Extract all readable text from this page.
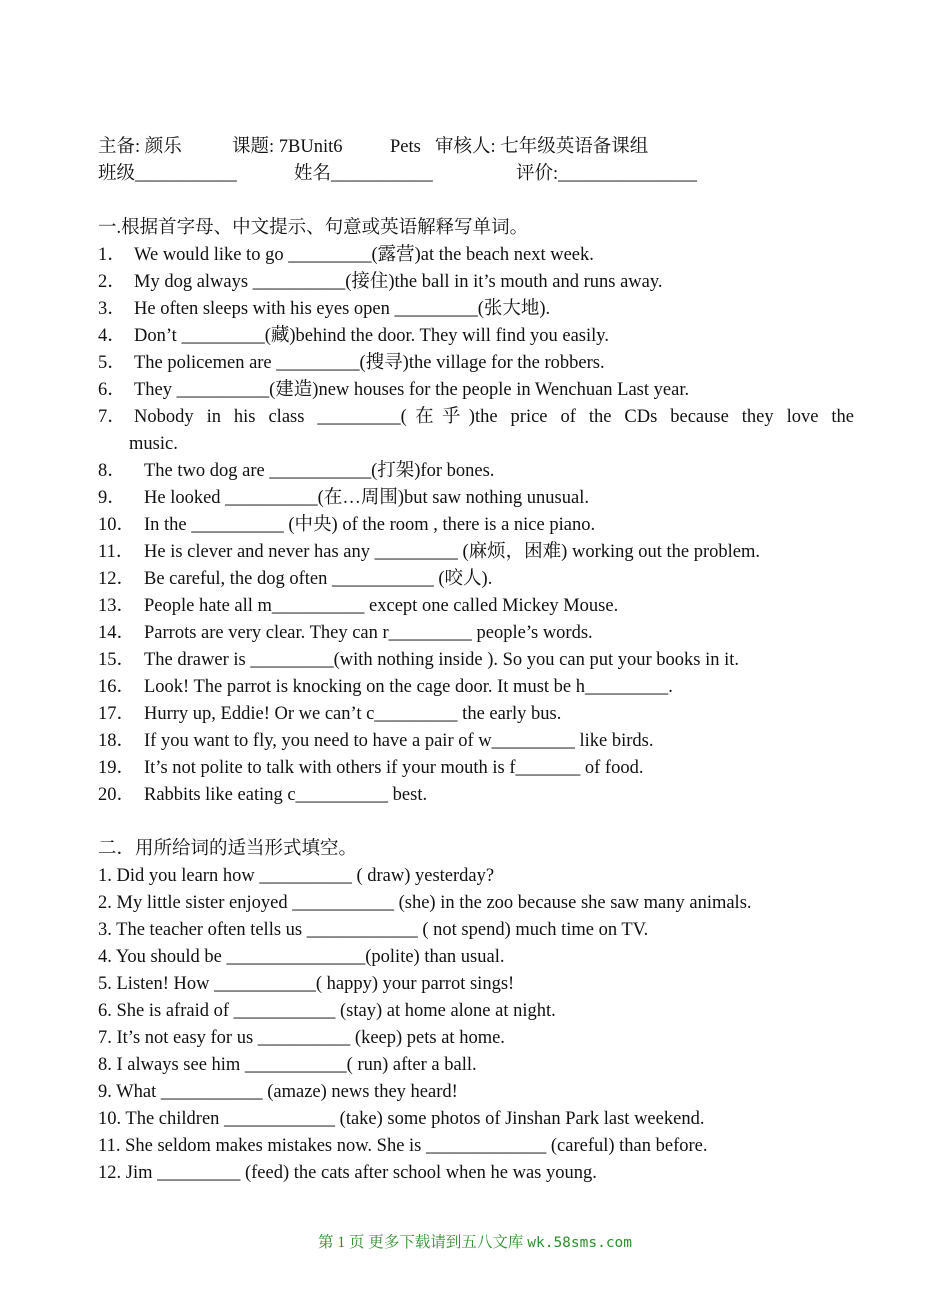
主备: 颜乐	课题: 7BUnit6	Pets 审核人: 七年级英语备课组
班级___________	姓名___________	评价:_______________
一.根据首字母、中文提示、句意或英语解释写单词。
1． We would like to go _________(露营)at the beach next week.
2． My dog always __________(接住)the ball in it’s mouth and runs away.
3． He often sleeps with his eyes open _________(张大地).
4． Don’t _________(藏)behind the door. They will find you easily.
5． The policemen are _________(搜寻)the village for the robbers.
6． They __________(建造)new houses for the people in Wenchuan Last year.
7． Nobody in his class _________(在乎)the price of the CDs because they love the
music.
8． The two dog are ___________(打架)for bones.
9． He looked __________(在…周围)but saw nothing unusual.
10． In the __________ (中央) of the room , there is a nice piano.
11． He is clever and never has any _________ (麻烦，困难) working out the problem.
12． Be careful, the dog often ___________ (咬人).
13． People hate all m__________ except one called Mickey Mouse.
14． Parrots are very clear. They can r_________ people’s words.
15． The drawer is _________(with nothing inside ). So you can put your books in it.
16． Look! The parrot is knocking on the cage door. It must be h_________.
17． Hurry up, Eddie! Or we can’t c_________ the early bus.
18． If you want to fly, you need to have a pair of w_________ like birds.
19． It’s not polite to talk with others if your mouth is f_______ of food.
20． Rabbits like eating c__________ best.
二．用所给词的适当形式填空。
1. Did you learn how __________ ( draw) yesterday?
2. My little sister enjoyed ___________ (she) in the zoo because she saw many animals.
3. The teacher often tells us ____________ ( not spend) much time on TV.
4. You should be _______________(polite) than usual.
5. Listen! How ___________( happy) your parrot sings!
6. She is afraid of ___________ (stay) at home alone at night.
7. It’s not easy for us __________ (keep) pets at home.
8. I always see him ___________( run) after a ball.
9. What ___________ (amaze) news they heard!
10. The children ____________ (take) some photos of Jinshan Park last weekend.
11. She seldom makes mistakes now. She is _____________ (careful) than before.
12. Jim _________ (feed) the cats after school when he was young.
第 1 页 更多下载请到五八文库 wk.58sms.com
